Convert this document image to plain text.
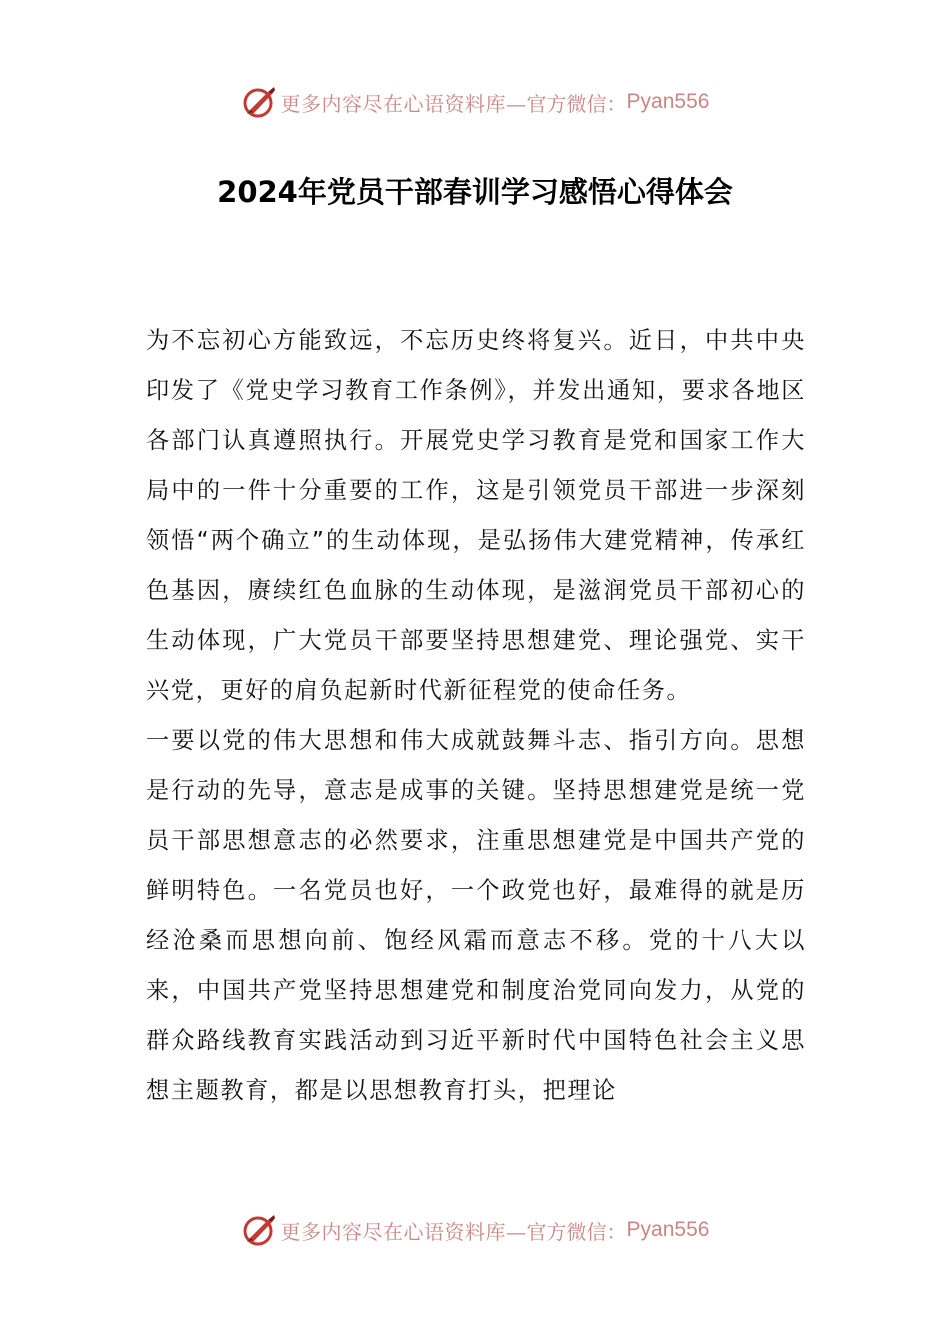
更多内容尽在心语资料库— 官方微信： Pyan556
2024年党员干部春训学习感悟心得体会

为不忘初心方能致远，不忘历史终将复兴。近日，中共中央印发了《党史学习教育工作条例》，并发出通知，要求各地区各部门认真遵照执行。开展党史学习教育是党和国家工作大局中的一件十分重要的工作，这是引领党员干部进一步深刻领悟“两个确立”的生动体现，是弘扬伟大建党精神，传承红色基因，赓续红色血脉的生动体现，是滋润党员干部初心的生动体现，广大党员干部要坚持思想建党、理论强党、实干兴党，更好的肩负起新时代新征程党的使命任务。

一要以党的伟大思想和伟大成就鼓舞斗志、指引方向。思想是行动的先导，意志是成事的关键。坚持思想建党是统一党员干部思想意志的必然要求，注重思想建党是中国共产党的鲜明特色。一名党员也好，一个政党也好，最难得的就是历经沧桑而思想向前、饱经风霜而意志不移。党的十八大以来，中国共产党坚持思想建党和制度治党同向发力，从党的群众路线教育实践活动到习近平新时代中国特色社会主义思想主题教育，都是以思想教育打头，把理论

更多内容尽在心语资料库— 官方微信： Pyan556
